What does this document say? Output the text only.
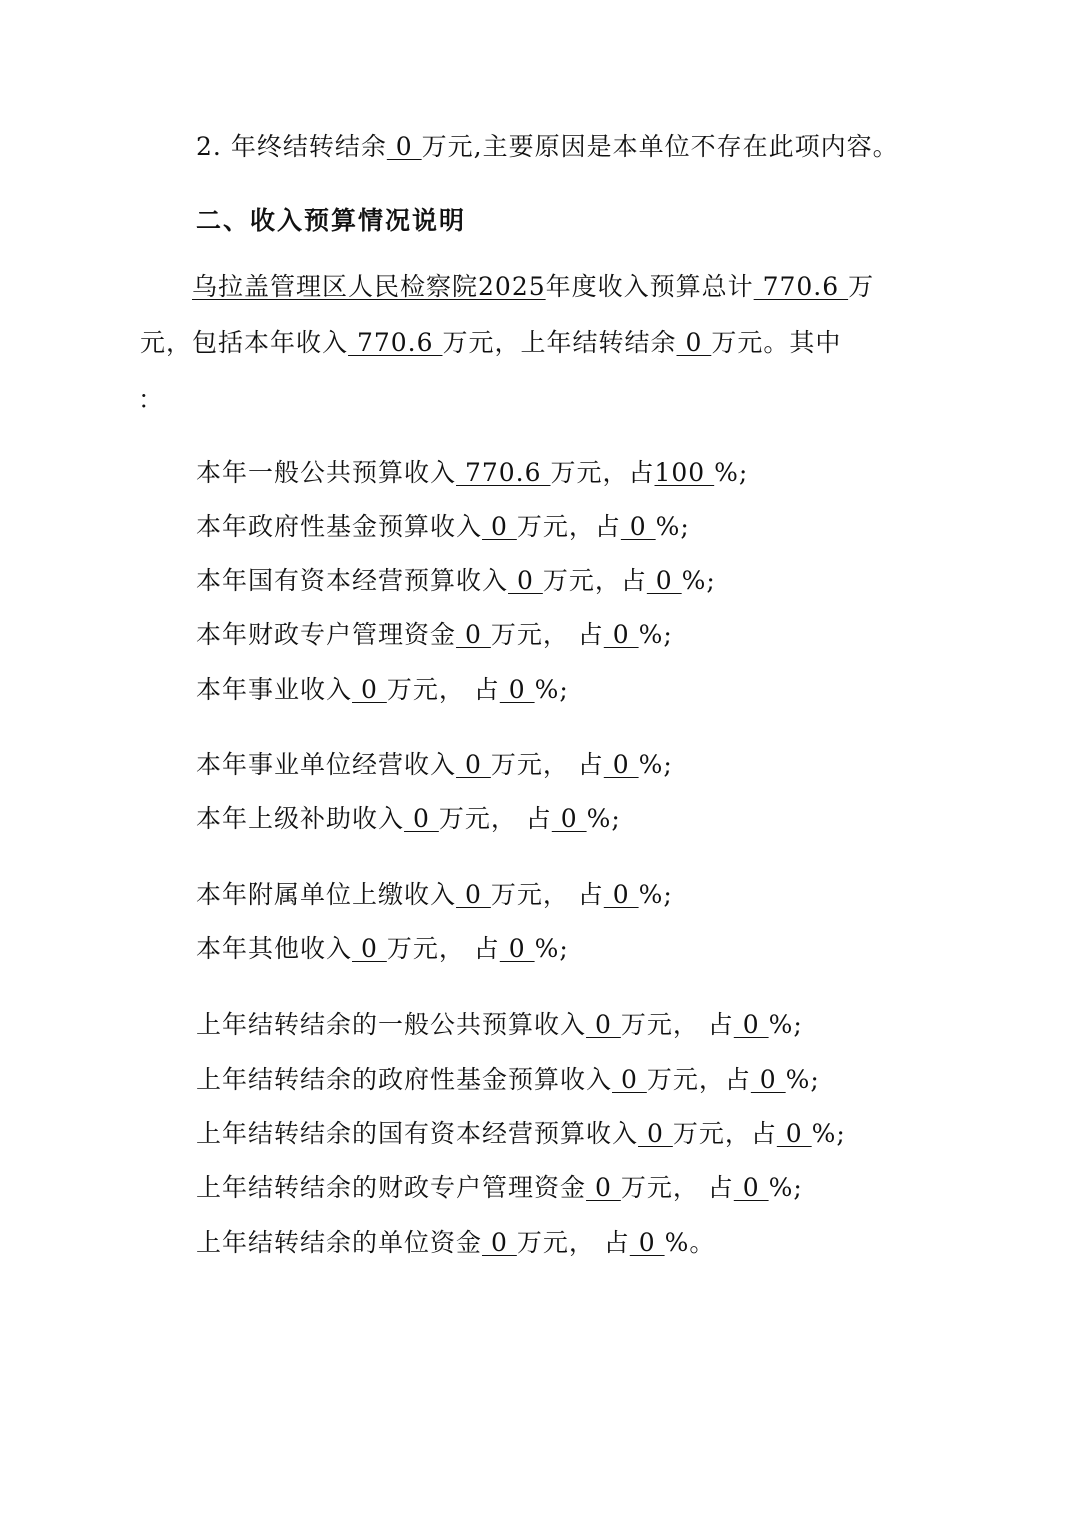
2. 年终结转结余 0 万元,主要原因是本单位不存在此项内容。
二、收入预算情况说明
乌拉盖管理区人民检察院2025年度收入预算总计 770.6 万
元，包括本年收入 770.6 万元，上年结转结余 0 万元。其中
：
本年一般公共预算收入 770.6 万元，占100 %;
本年政府性基金预算收入 0 万元，占 0 %;
本年国有资本经营预算收入 0 万元，占 0 %;
本年财政专户管理资金 0 万元， 占 0 %;
本年事业收入 0 万元， 占 0 %;
本年事业单位经营收入 0 万元， 占 0 %;
本年上级补助收入 0 万元， 占 0 %;
本年附属单位上缴收入 0 万元， 占 0 %;
本年其他收入 0 万元， 占 0 %;
上年结转结余的一般公共预算收入 0 万元， 占 0 %;
上年结转结余的政府性基金预算收入 0 万元，占 0 %;
上年结转结余的国有资本经营预算收入 0 万元，占 0 %;
上年结转结余的财政专户管理资金 0 万元， 占 0 %;
上年结转结余的单位资金 0 万元， 占 0 %。
